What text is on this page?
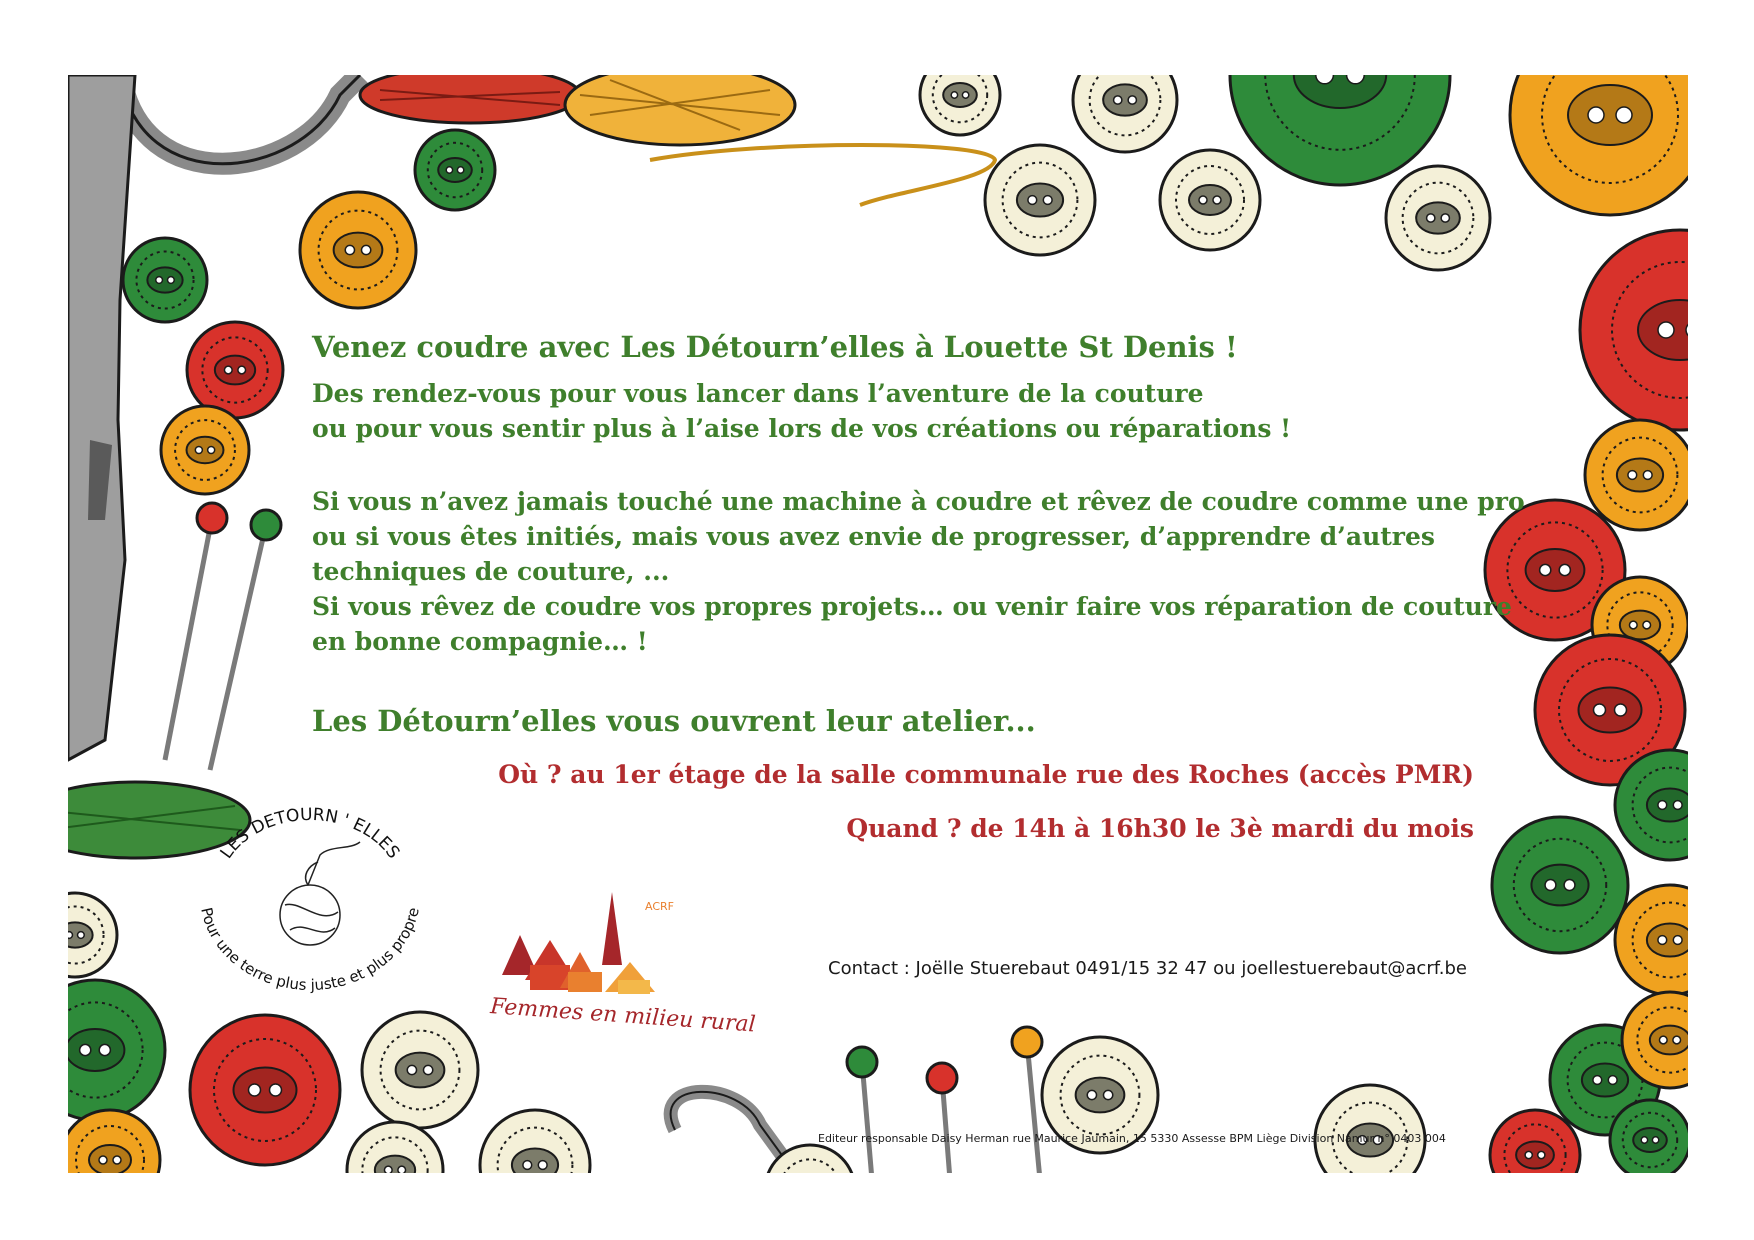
Venez coudre avec Les Détourn’elles à Louette St Denis !

Des rendez-vous pour vous lancer dans l’aventure de la couture

ou pour vous sentir plus à l’aise lors de vos créations ou réparations !

Si vous n’avez jamais touché une machine à coudre et rêvez de coudre comme une pro

ou si vous êtes initiés, mais vous avez envie de progresser, d’apprendre d’autres

techniques de couture, ...

Si vous rêvez de coudre vos propres projets… ou venir faire vos réparation de couture

en bonne compagnie… !

Les Détourn’elles vous ouvrent leur atelier...

Où ? au 1er étage de la salle communale rue des Roches (accès PMR)

Quand ? de 14h à 16h30 le 3è mardi du mois

Contact : Joëlle Stuerebaut 0491/15 32 47 ou joellestuerebaut@acrf.be

Editeur responsable Daisy Herman rue Maurice Jaumain, 15 5330 Assesse BPM Liège Division Namur n° 0403 004

LES DETOURN ' ELLES
Pour une terre plus juste et plus propre	ACRF
Femmes en milieu rural
